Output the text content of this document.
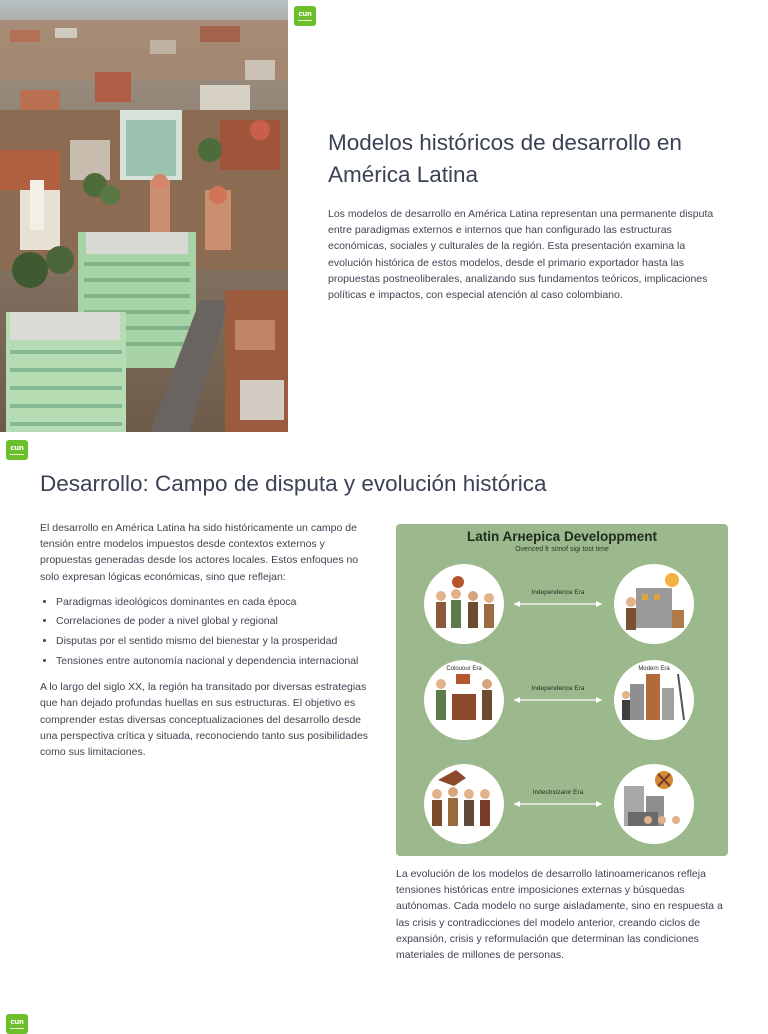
cun
Modelos históricos de desarrollo en América Latina

Los modelos de desarrollo en América Latina representan una permanente disputa entre paradigmas externos e internos que han configurado las estructuras económicas, sociales y culturales de la región. Esta presentación examina la evolución histórica de estos modelos, desde el primario exportador hasta las propuestas postneoliberales, analizando sus fundamentos teóricos, implicaciones políticas e impactos, con especial atención al caso colombiano.

cun
Desarrollo: Campo de disputa y evolución histórica

El desarrollo en América Latina ha sido históricamente un campo de tensión entre modelos impuestos desde contextos externos y propuestas generadas desde los actores locales. Estos enfoques no solo expresan lógicas económicas, sino que reflejan:

• Paradigmas ideológicos dominantes en cada época
• Correlaciones de poder a nivel global y regional
• Disputas por el sentido mismo del bienestar y la prosperidad
• Tensiones entre autonomía nacional y dependencia internacional

A lo largo del siglo XX, la región ha transitado por diversas estrategias que han dejado profundas huellas en sus estructuras. El objetivo es comprender estas diversas conceptualizaciones del desarrollo desde una perspectiva crítica y situada, reconociendo tanto sus posibilidades como sus limitaciones.

Latin Arнерica Developpment
Ovenced fr simof sigi tost time
Independence Era
Independence Era
Indestrxizaior Era
Colouour Era	Modern Era

La evolución de los modelos de desarrollo latinoamericanos refleja tensiones históricas entre imposiciones externas y búsquedas autónomas. Cada modelo no surge aisladamente, sino en respuesta a las crisis y contradicciones del modelo anterior, creando ciclos de expansión, crisis y reformulación que determinan las condiciones materiales de millones de personas.

cun
